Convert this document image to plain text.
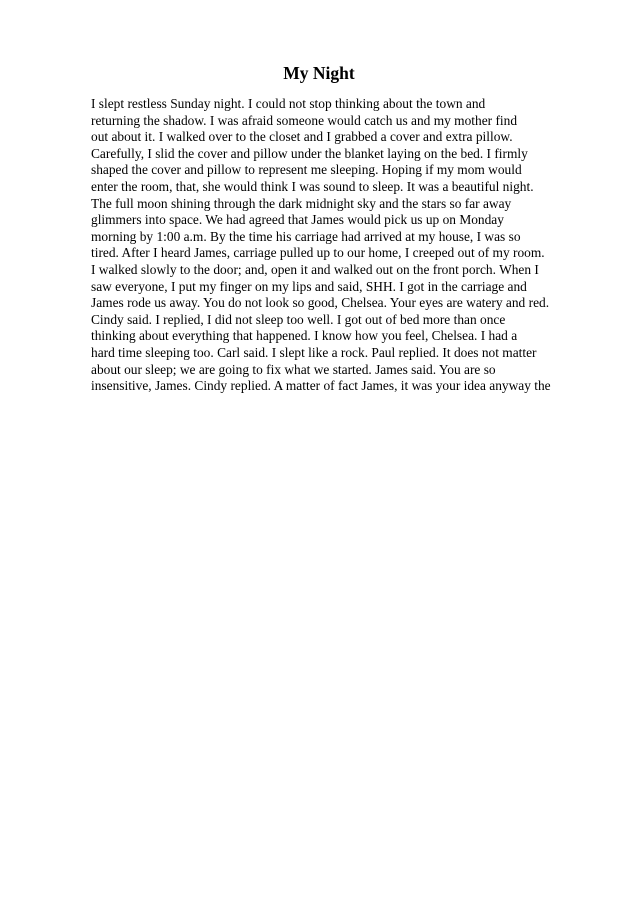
My Night
I slept restless Sunday night. I could not stop thinking about the town and
returning the shadow. I was afraid someone would catch us and my mother find
out about it. I walked over to the closet and I grabbed a cover and extra pillow.
Carefully, I slid the cover and pillow under the blanket laying on the bed. I firmly
shaped the cover and pillow to represent me sleeping. Hoping if my mom would
enter the room, that, she would think I was sound to sleep. It was a beautiful night.
The full moon shining through the dark midnight sky and the stars so far away
glimmers into space. We had agreed that James would pick us up on Monday
morning by 1:00 a.m. By the time his carriage had arrived at my house, I was so
tired. After I heard James, carriage pulled up to our home, I creeped out of my room.
I walked slowly to the door; and, open it and walked out on the front porch. When I
saw everyone, I put my finger on my lips and said, SHH. I got in the carriage and
James rode us away. You do not look so good, Chelsea. Your eyes are watery and red.
Cindy said. I replied, I did not sleep too well. I got out of bed more than once
thinking about everything that happened. I know how you feel, Chelsea. I had a
hard time sleeping too. Carl said. I slept like a rock. Paul replied. It does not matter
about our sleep; we are going to fix what we started. James said. You are so
insensitive, James. Cindy replied. A matter of fact James, it was your idea anyway the
